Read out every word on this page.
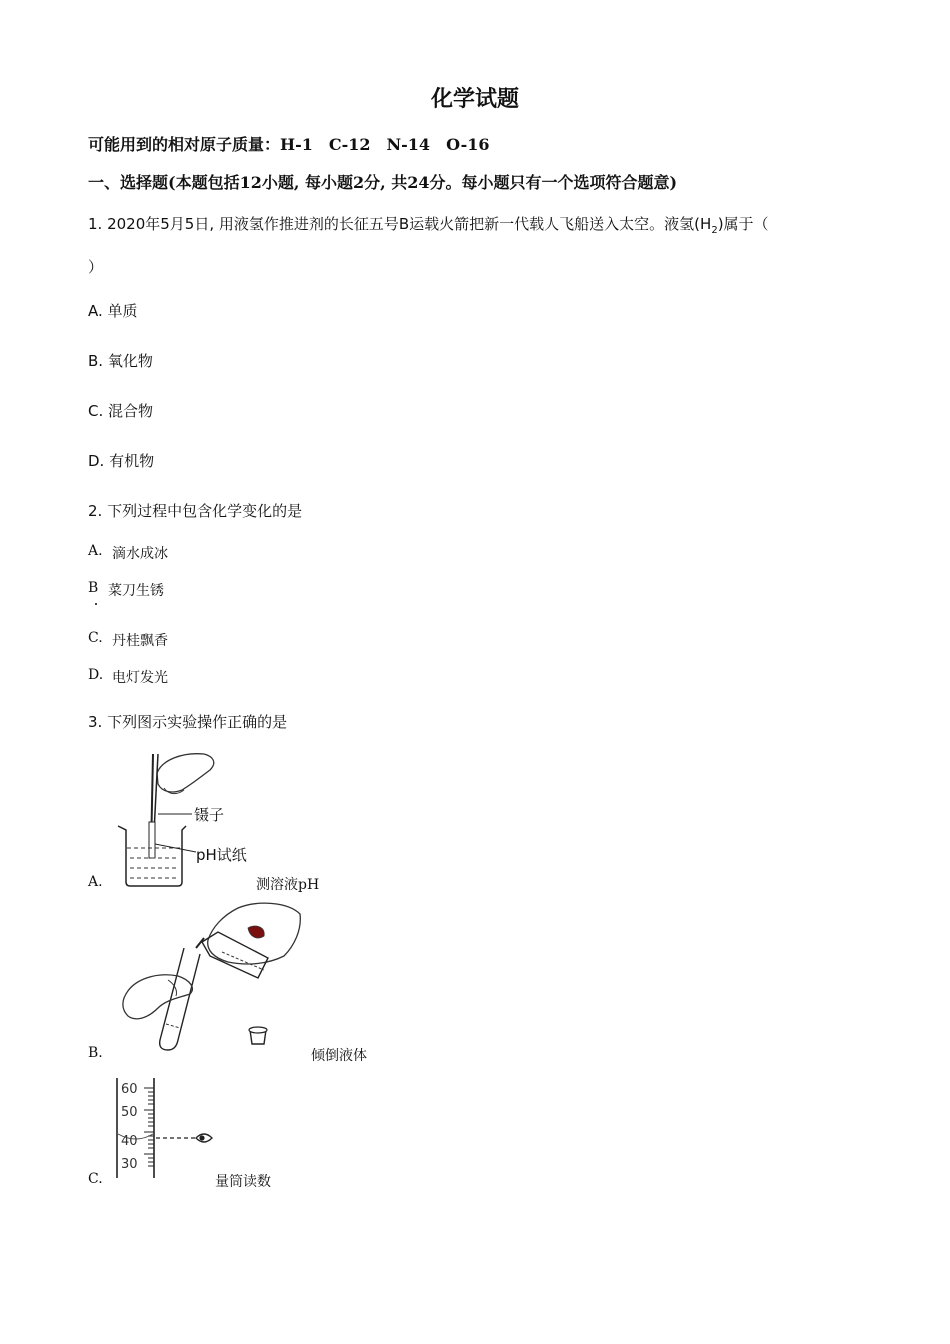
化学试题
可能用到的相对原子质量：H-1　C-12　N-14　O-16
一、选择题(本题包括12小题, 每小题2分, 共24分。每小题只有一个选项符合题意)
1. 2020年5月5日, 用液氢作推进剂的长征五号B运载火箭把新一代载人飞船送入太空。液氢$(H_2)$属于（
）
A. 单质
B. 氧化物
C. 混合物
D. 有机物
2. 下列过程中包含化学变化的是
A. 滴水成冰
B 菜刀生锈
C. 丹桂飘香
D. 电灯发光
3. 下列图示实验操作正确的是
镊子
pH试纸
A.	测溶液pH
B.	倾倒液体
60
50
40
30
C.	量筒读数
